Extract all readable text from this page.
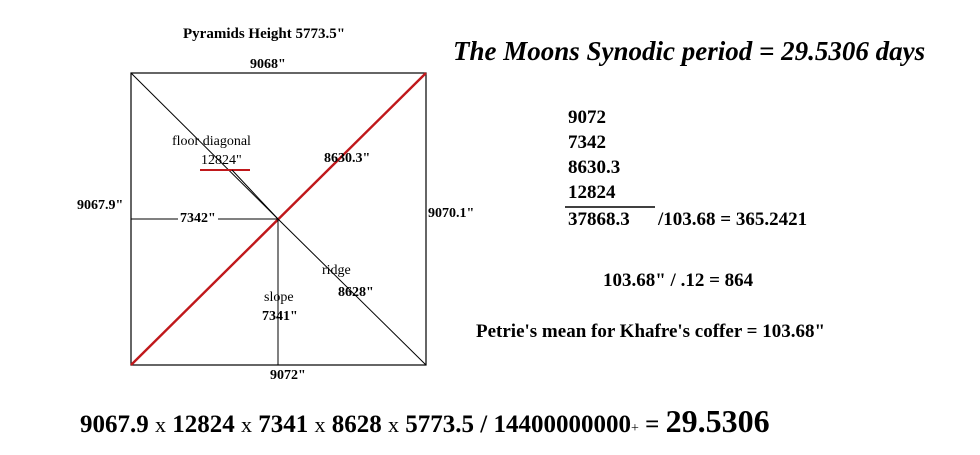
Pyramids Height 5773.5"
9068"
9067.9"
9070.1"
9072"
floor diagonal
12824"	8630.3"
7342"
ridge
8628"
slope
7341"
The Moons Synodic period = 29.5306 days
9072
7342
8630.3
12824
37868.3 /103.68 = 365.2421
103.68" / .12 = 864
Petrie's mean for Khafre's coffer = 103.68"
9067.9 x 12824 x 7341 x 8628 x 5773.5 / 14400000000+ = 29.5306
